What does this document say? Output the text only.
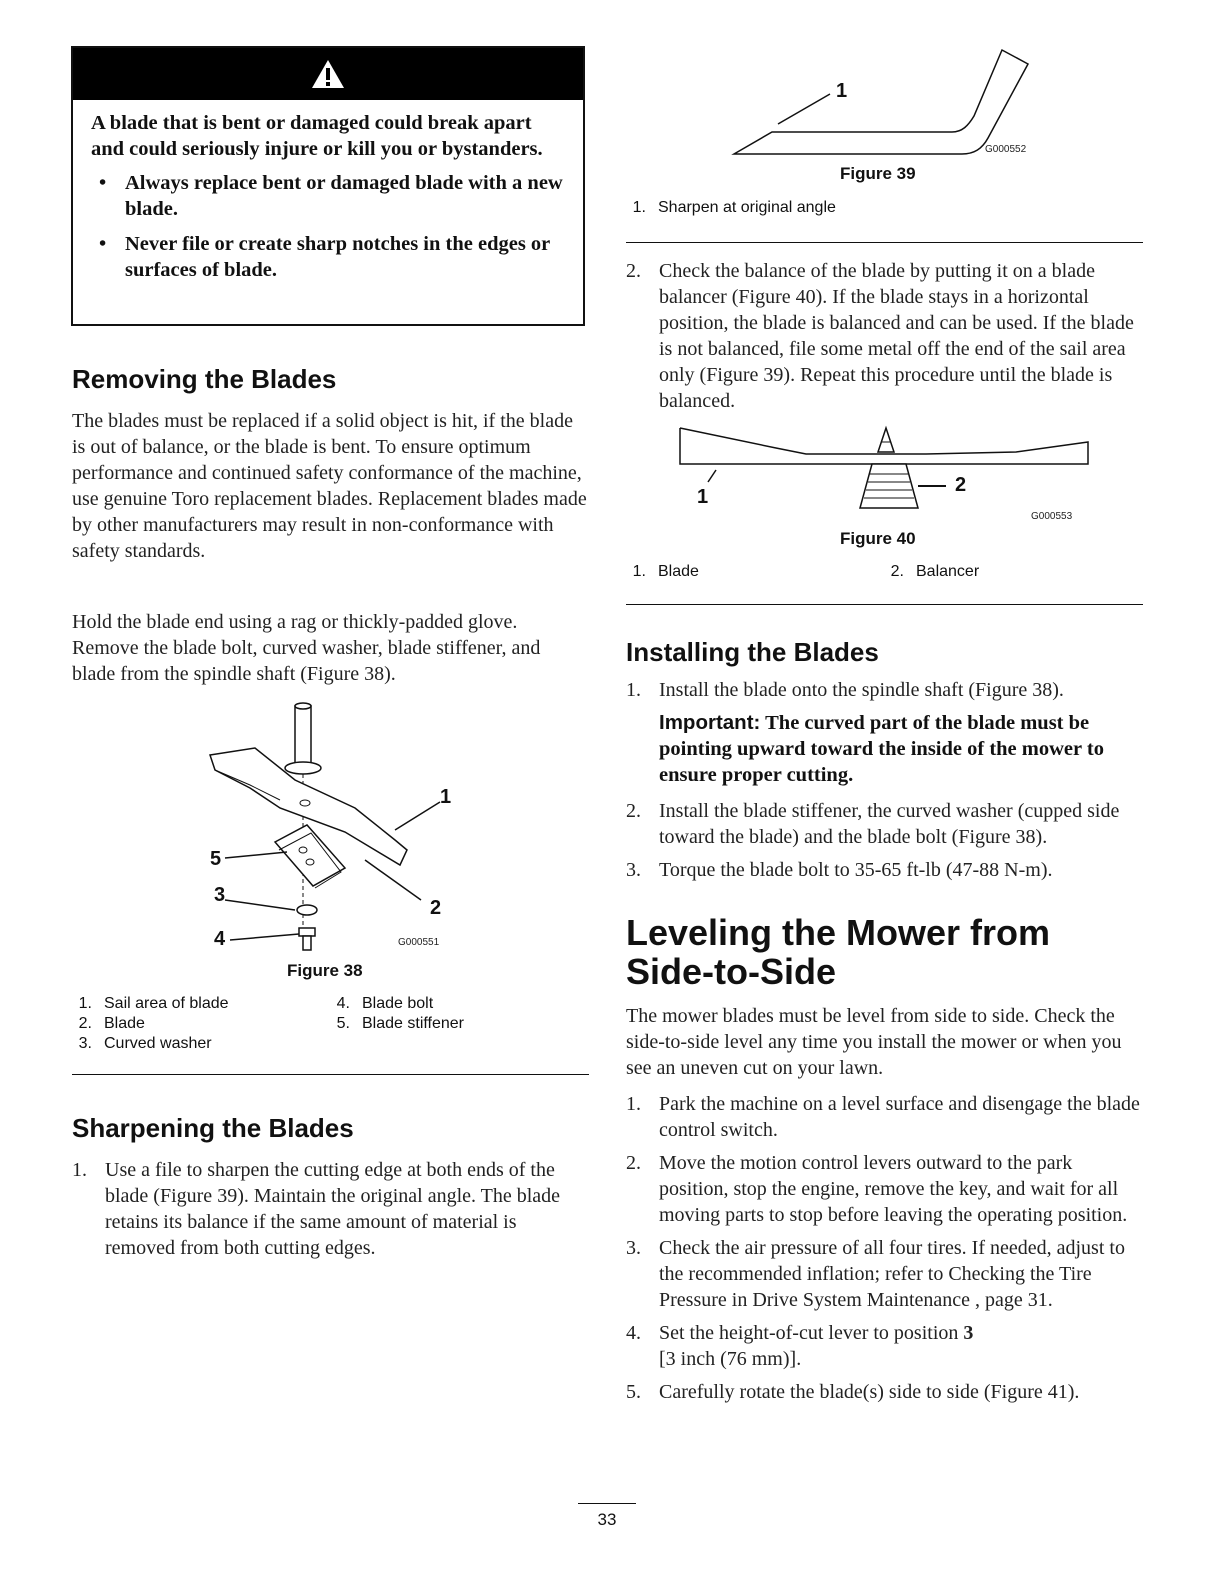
A blade that is bent or damaged could break apart and could seriously injure or kill you or bystanders.

• Always replace bent or damaged blade with a new blade.
• Never file or create sharp notches in the edges or surfaces of blade.
Removing the Blades

The blades must be replaced if a solid object is hit, if the blade is out of balance, or the blade is bent. To ensure optimum performance and continued safety conformance of the machine, use genuine Toro replacement blades. Replacement blades made by other manufacturers may result in non-conformance with safety standards.

Hold the blade end using a rag or thickly-padded glove. Remove the blade bolt, curved washer, blade stiffener, and blade from the spindle shaft (Figure 38).

1
2
3
4
5
G000551
Figure 38
1. Sail area of blade
2. Blade
3. Curved washer
4. Blade bolt
5. Blade stiffener
Sharpening the Blades
1. Use a file to sharpen the cutting edge at both ends of the blade (Figure 39). Maintain the original angle. The blade retains its balance if the same amount of material is removed from both cutting edges.
1
G000552
Figure 39
1. Sharpen at original angle
2. Check the balance of the blade by putting it on a blade balancer (Figure 40). If the blade stays in a horizontal position, the blade is balanced and can be used. If the blade is not balanced, file some metal off the end of the sail area only (Figure 39). Repeat this procedure until the blade is balanced.
1
2
G000553
Figure 40
1. Blade	2. Balancer
Installing the Blades
1. Install the blade onto the spindle shaft (Figure 38).
Important: The curved part of the blade must be pointing upward toward the inside of the mower to ensure proper cutting.
2. Install the blade stiffener, the curved washer (cupped side toward the blade) and the blade bolt (Figure 38).
3. Torque the blade bolt to 35-65 ft-lb (47-88 N-m).
Leveling the Mower from Side-to-Side

The mower blades must be level from side to side. Check the side-to-side level any time you install the mower or when you see an uneven cut on your lawn.

1. Park the machine on a level surface and disengage the blade control switch.
2. Move the motion control levers outward to the park position, stop the engine, remove the key, and wait for all moving parts to stop before leaving the operating position.
3. Check the air pressure of all four tires. If needed, adjust to the recommended inflation; refer to Checking the Tire Pressure in Drive System Maintenance , page 31.
4. Set the height-of-cut lever to position 3
[3 inch (76 mm)].
5. Carefully rotate the blade(s) side to side (Figure 41).
33
